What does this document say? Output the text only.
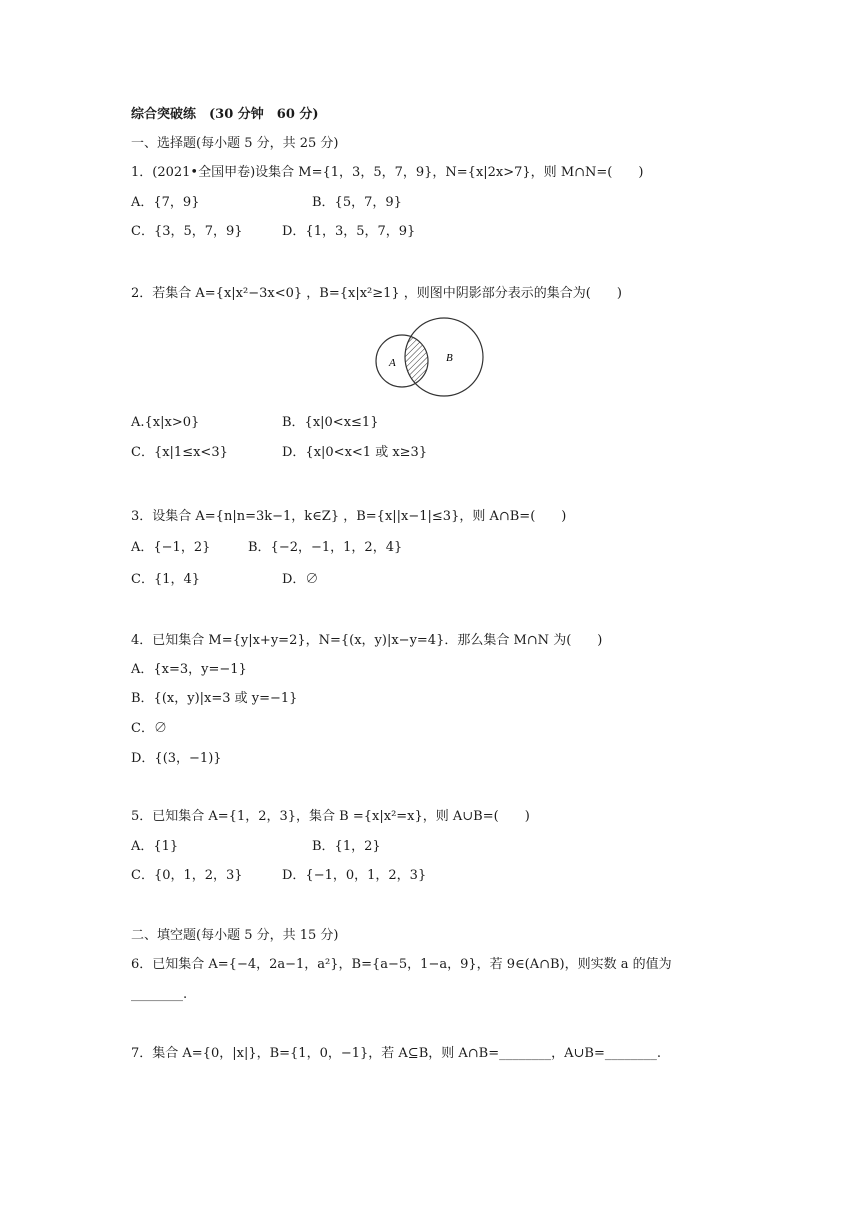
综合突破练　(30 分钟　60 分)
一、选择题(每小题 5 分，共 25 分)
1．(2021•全国甲卷)设集合 M={1，3，5，7，9}，N={x|2x>7}，则 M∩N=(　　)
A．{7，9}	B．{5，7，9}
C．{3，5，7，9}	D．{1，3，5，7，9}
2．若集合 A={x|x²−3x<0} ，B={x|x²≥1} ，则图中阴影部分表示的集合为(　　)
A	B
A.{x|x>0}	B．{x|0<x≤1}
C．{x|1≤x<3}	D．{x|0<x<1 或 x≥3}
3．设集合 A={n|n=3k−1，k∈Z} ，B={x||x−1|≤3}，则 A∩B=(　　)
A．{−1，2}	B．{−2，−1，1，2，4}
C．{1，4}	D．∅
4．已知集合 M={y|x+y=2}，N={(x，y)|x−y=4}．那么集合 M∩N 为(　　)
A．{x=3，y=−1}
B．{(x，y)|x=3 或 y=−1}
C．∅
D．{(3，−1)}
5．已知集合 A={1，2，3}，集合 B ={x|x²=x}，则 A∪B=(　　)
A．{1}	B．{1，2}
C．{0，1，2，3}	D．{−1，0，1，2，3}
二、填空题(每小题 5 分，共 15 分)
6．已知集合 A={−4，2a−1，a²}，B={a−5，1−a，9}，若 9∈(A∩B)，则实数 a 的值为
________.
7．集合 A={0，|x|}，B={1，0，−1}，若 A⊆B，则 A∩B=________，A∪B=________.
